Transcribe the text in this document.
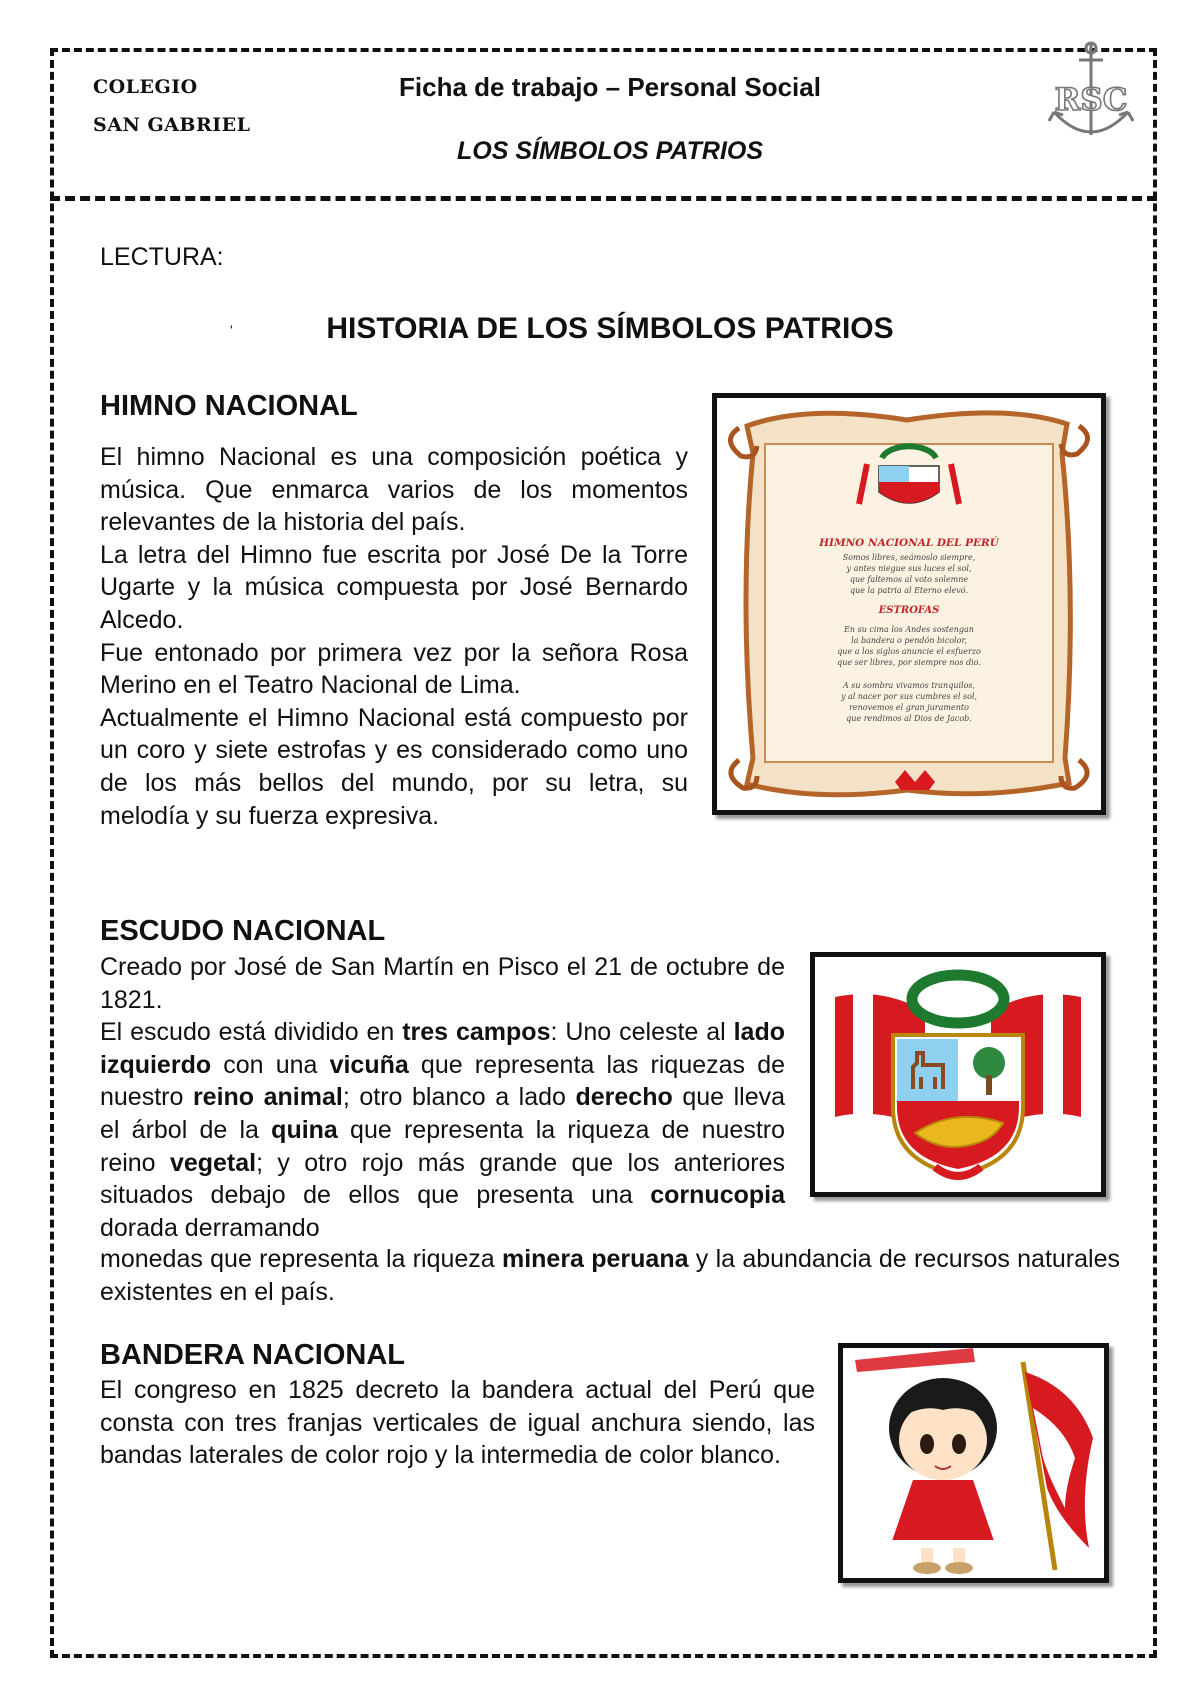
COLEGIO
SAN GABRIEL
Ficha de trabajo – Personal Social
LOS SÍMBOLOS PATRIOS
RSC
LECTURA:
'	HISTORIA DE LOS SÍMBOLOS PATRIOS
HIMNO NACIONAL

El himno Nacional es una composición poética y música. Que enmarca varios de los momentos relevantes de la historia del país.

La letra del Himno fue escrita por José De la Torre Ugarte y la música compuesta por José Bernardo Alcedo.

Fue entonado por primera vez por la señora Rosa Merino en el Teatro Nacional de Lima.

Actualmente el Himno Nacional está compuesto por un coro y siete estrofas y es considerado como uno de los más bellos del mundo, por su letra, su melodía y su fuerza expresiva.

HIMNO NACIONAL DEL PERÚ
Somos libres, seámoslo siempre,
y antes niegue sus luces el sol,
que faltemos al voto solemne
que la patria al Eterno elevó.
ESTROFAS
En su cima los Andes sostengan
la bandera o pendón bicolor,
que a los siglos anuncie el esfuerzo
que ser libres, por siempre nos dio.
A su sombra vivamos tranquilos,
y al nacer por sus cumbres el sol,
renovemos el gran juramento
que rendimos al Dios de Jacob.
ESCUDO NACIONAL

Creado por José de San Martín en Pisco el 21 de octubre de 1821.

El escudo está dividido en tres campos: Uno celeste al lado izquierdo con una vicuña que representa las riquezas de nuestro reino animal; otro blanco a lado derecho que lleva el árbol de la quina que representa la riqueza de nuestro reino vegetal; y otro rojo más grande que los anteriores situados debajo de ellos que presenta una cornucopia dorada derramando

monedas que representa la riqueza minera peruana y la abundancia de recursos naturales existentes en el país.

BANDERA NACIONAL

El congreso en 1825 decreto la bandera actual del Perú que consta con tres franjas verticales de igual anchura siendo, las bandas laterales de color rojo y la intermedia de color blanco.
